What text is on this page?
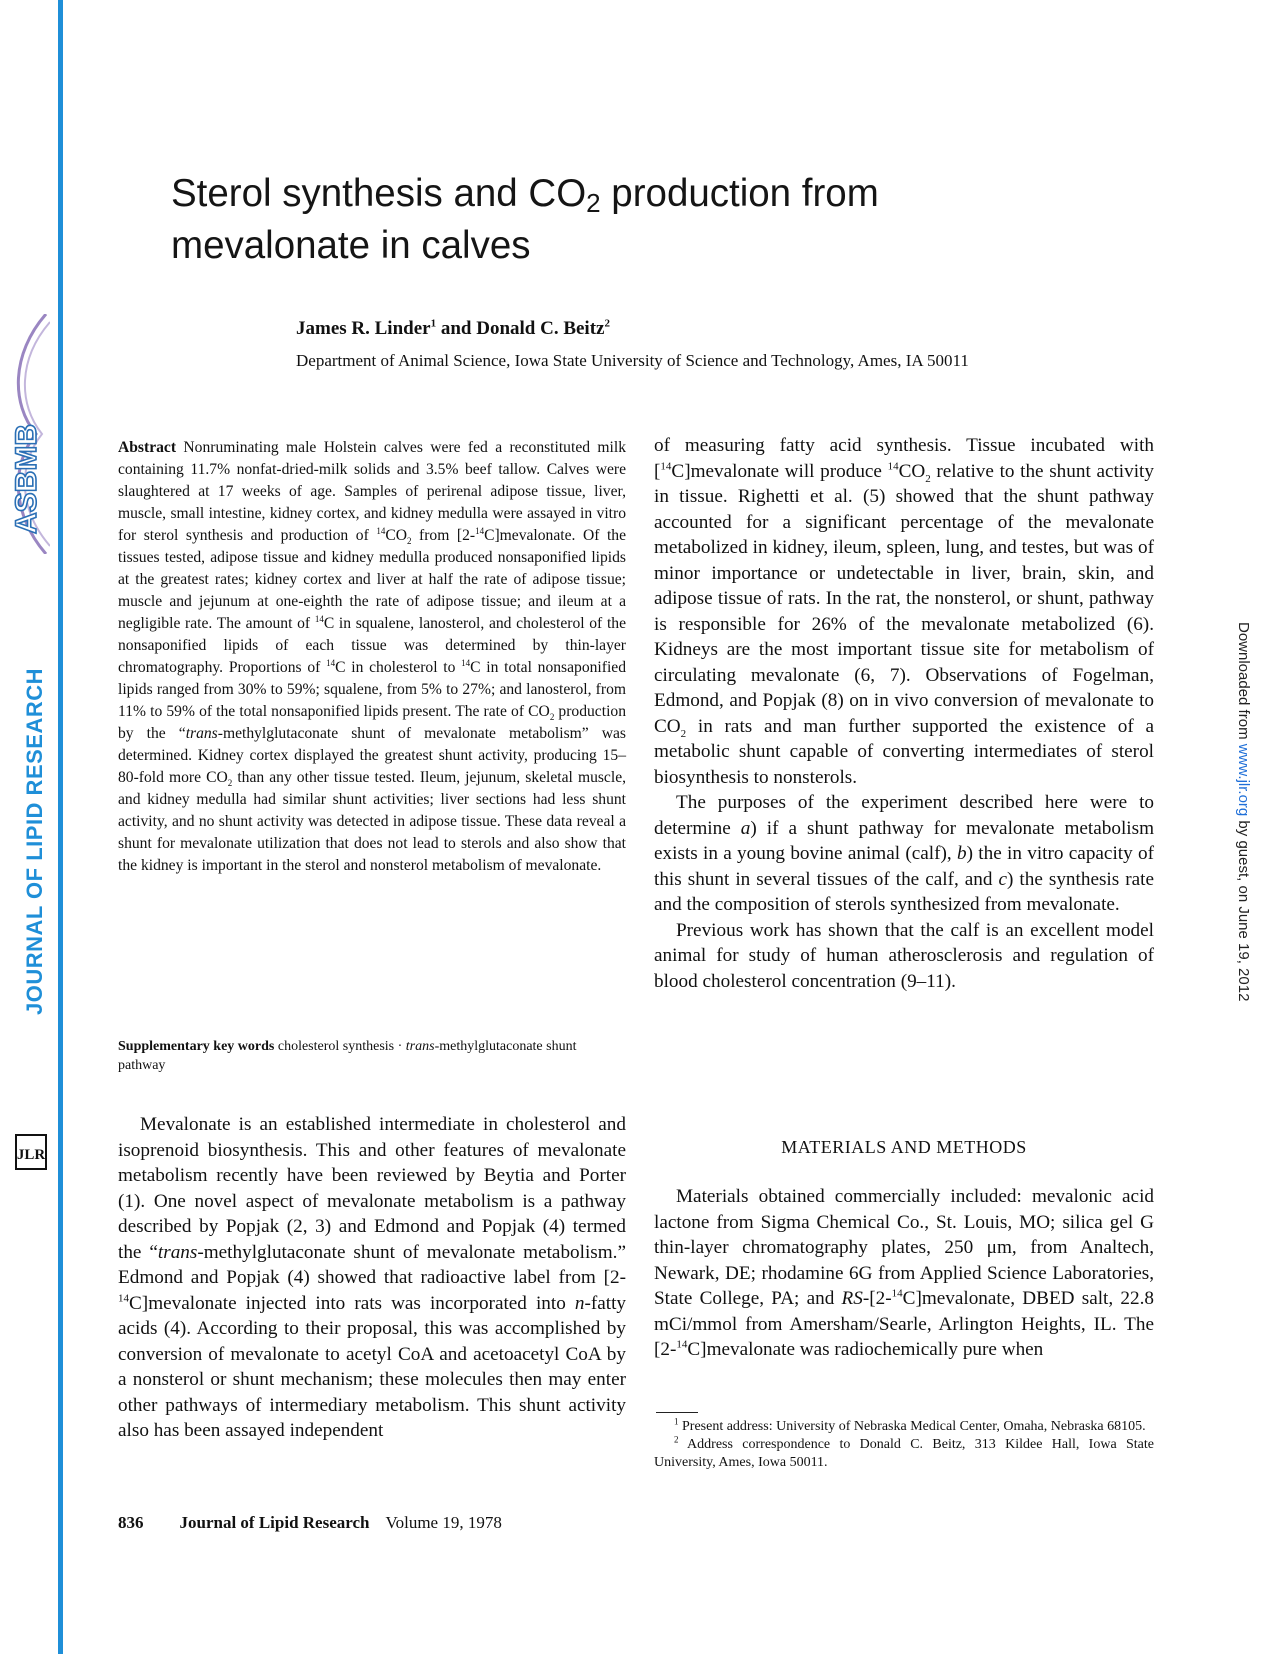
ASBMB
JOURNAL OF LIPID RESEARCH
JLR
Downloaded from www.jlr.org by guest, on June 19, 2012
Sterol synthesis and $CO_2$ production from
mevalonate in calves
James R. Linder$^1$ and Donald C. Beitz$^2$
Department of Animal Science, Iowa State University of Science and Technology, Ames, IA 50011
Abstract Nonruminating male Holstein calves were fed a reconstituted milk containing 11.7% nonfat-dried-milk solids and 3.5% beef tallow. Calves were slaughtered at 17 weeks of age. Samples of perirenal adipose tissue, liver, muscle, small intestine, kidney cortex, and kidney medulla were assayed in vitro for sterol synthesis and production of $^{14}CO_2$ from [2-$^{14}$C]mevalonate. Of the tissues tested, adipose tissue and kidney medulla produced nonsaponified lipids at the greatest rates; kidney cortex and liver at half the rate of adipose tissue; muscle and jejunum at one-eighth the rate of adipose tissue; and ileum at a negligible rate. The amount of $^{14}$C in squalene, lanosterol, and cholesterol of the nonsaponified lipids of each tissue was determined by thin-layer chromatography. Proportions of $^{14}$C in cholesterol to $^{14}$C in total nonsaponified lipids ranged from 30% to 59%; squalene, from 5% to 27%; and lanosterol, from 11% to 59% of the total nonsaponified lipids present. The rate of $CO_2$ production by the “trans-methylglutaconate shunt of mevalonate metabolism” was determined. Kidney cortex displayed the greatest shunt activity, producing 15–80-fold more $CO_2$ than any other tissue tested. Ileum, jejunum, skeletal muscle, and kidney medulla had similar shunt activities; liver sections had less shunt activity, and no shunt activity was detected in adipose tissue. These data reveal a shunt for mevalonate utilization that does not lead to sterols and also show that the kidney is important in the sterol and nonsterol metabolism of mevalonate.
Supplementary key words cholesterol synthesis · trans-methylglutaconate shunt pathway

Mevalonate is an established intermediate in cholesterol and isoprenoid biosynthesis. This and other features of mevalonate metabolism recently have been reviewed by Beytia and Porter (1). One novel aspect of mevalonate metabolism is a pathway described by Popjak (2, 3) and Edmond and Popjak (4) termed the “trans-methylglutaconate shunt of mevalonate metabolism.” Edmond and Popjak (4) showed that radioactive label from [2-$^{14}$C]mevalonate injected into rats was incorporated into n-fatty acids (4). According to their proposal, this was accomplished by conversion of mevalonate to acetyl CoA and acetoacetyl CoA by a nonsterol or shunt mechanism; these molecules then may enter other pathways of intermediary metabolism. This shunt activity also has been assayed independent

of measuring fatty acid synthesis. Tissue incubated with [$^{14}$C]mevalonate will produce $^{14}CO_2$ relative to the shunt activity in tissue. Righetti et al. (5) showed that the shunt pathway accounted for a significant percentage of the mevalonate metabolized in kidney, ileum, spleen, lung, and testes, but was of minor importance or undetectable in liver, brain, skin, and adipose tissue of rats. In the rat, the nonsterol, or shunt, pathway is responsible for 26% of the mevalonate metabolized (6). Kidneys are the most important tissue site for metabolism of circulating mevalonate (6, 7). Observations of Fogelman, Edmond, and Popjak (8) on in vivo conversion of mevalonate to $CO_2$ in rats and man further supported the existence of a metabolic shunt capable of converting intermediates of sterol biosynthesis to nonsterols.

The purposes of the experiment described here were to determine a) if a shunt pathway for mevalonate metabolism exists in a young bovine animal (calf), b) the in vitro capacity of this shunt in several tissues of the calf, and c) the synthesis rate and the composition of sterols synthesized from mevalonate.

Previous work has shown that the calf is an excellent model animal for study of human atherosclerosis and regulation of blood cholesterol concentration (9–11).

MATERIALS AND METHODS

Materials obtained commercially included: mevalonic acid lactone from Sigma Chemical Co., St. Louis, MO; silica gel G thin-layer chromatography plates, 250 μm, from Analtech, Newark, DE; rhodamine 6G from Applied Science Laboratories, State College, PA; and RS-[2-$^{14}$C]mevalonate, DBED salt, 22.8 mCi/mmol from Amersham/Searle, Arlington Heights, IL. The [2-$^{14}$C]mevalonate was radiochemically pure when

$^1$ Present address: University of Nebraska Medical Center, Omaha, Nebraska 68105.

$^2$ Address correspondence to Donald C. Beitz, 313 Kildee Hall, Iowa State University, Ames, Iowa 50011.

836 Journal of Lipid Research Volume 19, 1978
